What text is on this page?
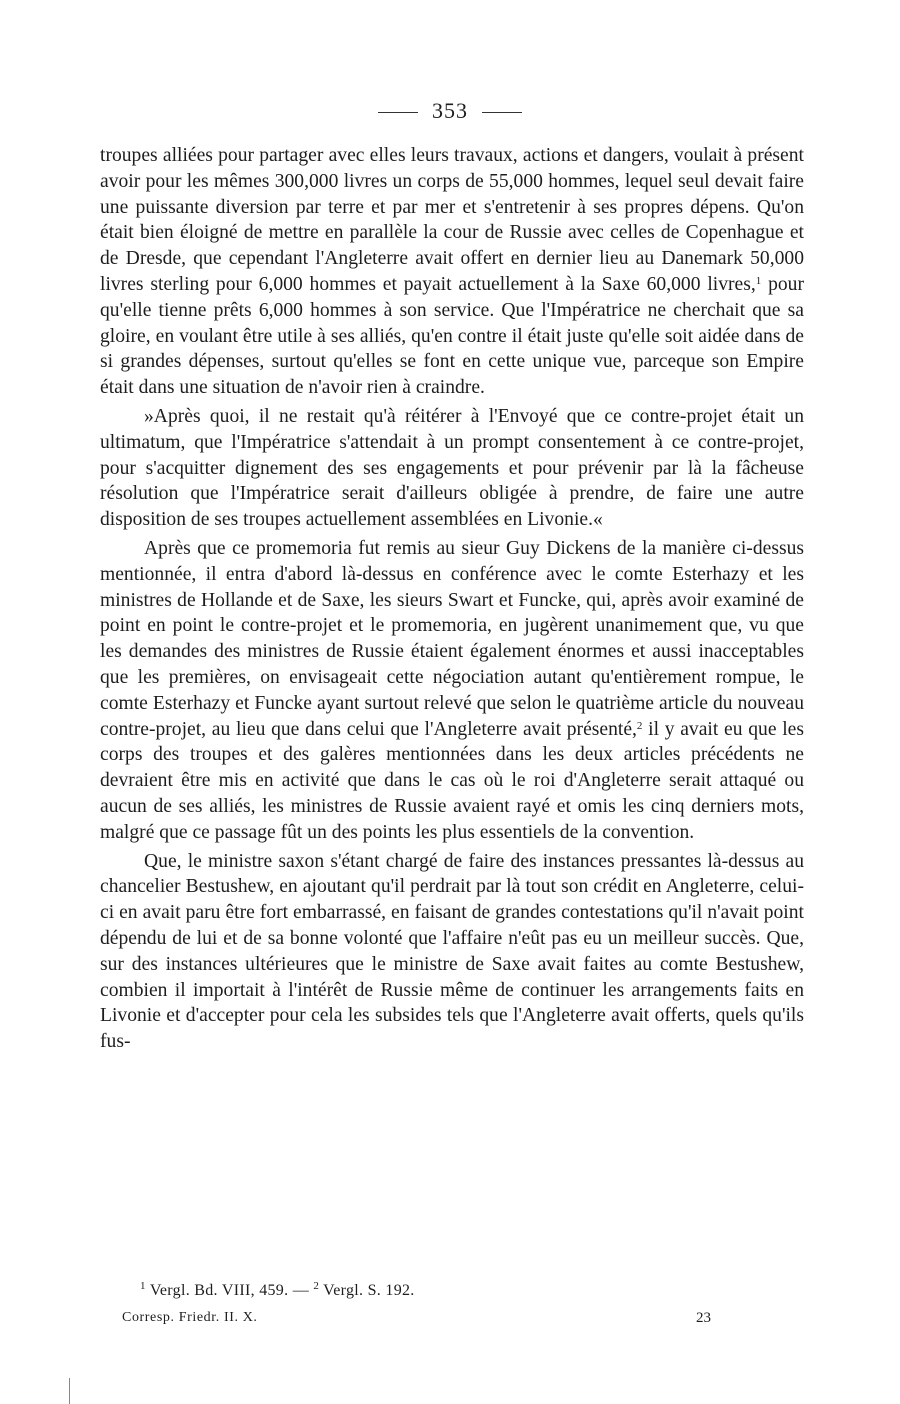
353

troupes alliées pour partager avec elles leurs travaux, actions et dangers, voulait à présent avoir pour les mêmes 300,000 livres un corps de 55,000 hommes, lequel seul devait faire une puissante diversion par terre et par mer et s'entretenir à ses propres dépens. Qu'on était bien éloigné de mettre en parallèle la cour de Russie avec celles de Copenhague et de Dresde, que cependant l'Angleterre avait offert en dernier lieu au Danemark 50,000 livres sterling pour 6,000 hommes et payait actuellement à la Saxe 60,000 livres,$^1$ pour qu'elle tienne prêts 6,000 hommes à son service. Que l'Impératrice ne cherchait que sa gloire, en voulant être utile à ses alliés, qu'en contre il était juste qu'elle soit aidée dans de si grandes dépenses, surtout qu'elles se font en cette unique vue, parceque son Empire était dans une situation de n'avoir rien à craindre.

»Après quoi, il ne restait qu'à réitérer à l'Envoyé que ce contre-projet était un ultimatum, que l'Impératrice s'attendait à un prompt consentement à ce contre-projet, pour s'acquitter dignement des ses engagements et pour prévenir par là la fâcheuse résolution que l'Impératrice serait d'ailleurs obligée à prendre, de faire une autre disposition de ses troupes actuellement assemblées en Livonie.«

Après que ce promemoria fut remis au sieur Guy Dickens de la manière ci-dessus mentionnée, il entra d'abord là-dessus en conférence avec le comte Esterhazy et les ministres de Hollande et de Saxe, les sieurs Swart et Funcke, qui, après avoir examiné de point en point le contre-projet et le promemoria, en jugèrent unanimement que, vu que les demandes des ministres de Russie étaient également énormes et aussi inacceptables que les premières, on envisageait cette négociation autant qu'entièrement rompue, le comte Esterhazy et Funcke ayant surtout relevé que selon le quatrième article du nouveau contre-projet, au lieu que dans celui que l'Angleterre avait présenté,$^2$ il y avait eu que les corps des troupes et des galères mentionnées dans les deux articles précédents ne devraient être mis en activité que dans le cas où le roi d'Angleterre serait attaqué ou aucun de ses alliés, les ministres de Russie avaient rayé et omis les cinq derniers mots, malgré que ce passage fût un des points les plus essentiels de la convention.

Que, le ministre saxon s'étant chargé de faire des instances pressantes là-dessus au chancelier Bestushew, en ajoutant qu'il perdrait par là tout son crédit en Angleterre, celui-ci en avait paru être fort embarrassé, en faisant de grandes contestations qu'il n'avait point dépendu de lui et de sa bonne volonté que l'affaire n'eût pas eu un meilleur succès. Que, sur des instances ultérieures que le ministre de Saxe avait faites au comte Bestushew, combien il importait à l'intérêt de Russie même de continuer les arrangements faits en Livonie et d'accepter pour cela les subsides tels que l'Angleterre avait offerts, quels qu'ils fus-

$^1$ Vergl. Bd. VIII, 459. — $^2$ Vergl. S. 192.
Corresp. Friedr. II. X.	23
